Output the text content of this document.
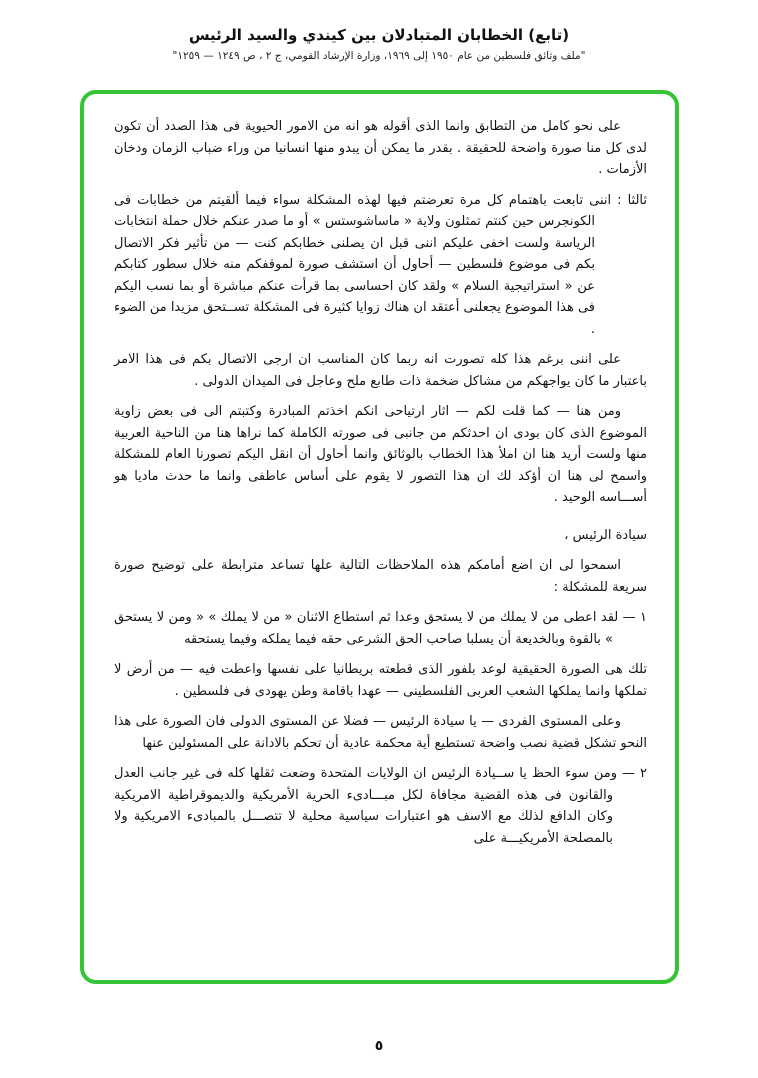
(تابع) الخطابان المتبادلان بين كيندي والسيد الرئيس
"ملف وثائق فلسطين من عام ١٩٥٠ إلى ١٩٦٩، وزارة الإرشاد القومي، ج ٢ ، ص ١٢٤٩ — ١٢٥٩"

على نحو كامل من التطابق وانما الذى أقوله هو انه من الامور الحيوية فى هذا الصدد أن تكون لدى كل منا صورة واضحة للحقيقة . بقدر ما يمكن أن يبدو منها انسانيا من وراء ضباب الزمان ودخان الأزمات .

ثالثا : اننى تابعت باهتمام كل مرة تعرضتم فيها لهذه المشكلة سواء فيما ألقيتم من خطابات فى الكونجرس حين كنتم تمثلون ولاية « ماساشوستس » أو ما صدر عنكم خلال حملة انتخابات الرياسة ولست اخفى عليكم اننى قبل ان يصلنى خطابكم كنت — من تأثير فكر الاتصال بكم فى موضوع فلسطين — أحاول أن استشف صورة لموقفكم منه خلال سطور كتابكم عن « استراتيجية السلام » ولقد كان احساسى بما قرأت عنكم مباشرة أو بما نسب اليكم فى هذا الموضوع يجعلنى أعتقد ان هناك زوايا كثيرة فى المشكلة تســتحق مزيدا من الضوء .

على اننى برغم هذا كله تصورت انه ربما كان المناسب ان ارجى الاتصال بكم فى هذا الامر باعتبار ما كان يواجهكم من مشاكل ضخمة ذات طابع ملح وعاجل فى الميدان الدولى .

ومن هنا — كما قلت لكم — اثار ارتياحى انكم اخذتم المبادرة وكتبتم الى فى بعض زاوية الموضوع الذى كان بودى ان احدثكم من جانبى فى صورته الكاملة كما نراها هنا من الناحية العربية منها ولست أريد هنا ان املأ هذا الخطاب بالوثائق وانما أحاول أن انقل اليكم تصورنا العام للمشكلة واسمح لى هنا ان أؤكد لك ان هذا التصور لا يقوم على أساس عاطفى وانما ما حدث ماديا هو أســـاسه الوحيد .

سيادة الرئيس ،

اسمحوا لى ان اضع أمامكم هذه الملاحظات التالية علها تساعد مترابطة على توضيح صورة سريعة للمشكلة :

١ — لقد اعطى من لا يملك من لا يستحق وعدا ثم استطاع الاثنان « من لا يملك » « ومن لا يستحق » بالقوة وبالخديعة أن يسلبا صاحب الحق الشرعى حقه فيما يملكه وفيما يستحقه

تلك هى الصورة الحقيقية لوعد بلفور الذى قطعته بريطانيا على نفسها واعطت فيه — من أرض لا تملكها وانما يملكها الشعب العربى الفلسطينى — عهدا باقامة وطن يهودى فى فلسطين .

وعلى المستوى الفردى — يا سيادة الرئيس — فضلا عن المستوى الدولى فان الصورة على هذا النحو تشكل قضية نصب واضحة تستطيع أية محكمة عادية أن تحكم بالادانة على المسئولين عنها

٢ — ومن سوء الحظ يا ســيادة الرئيس ان الولايات المتحدة وضعت ثقلها كله فى غير جانب العدل والقانون فى هذه القضية مجافاة لكل مبـــادىء الحرية الأمريكية والديموقراطية الامريكية وكان الدافع لذلك مع الاسف هو اعتبارات سياسية محلية لا تتصـــل بالمبادىء الامريكية ولا بالمصلحة الأمريكيـــة على

٥
